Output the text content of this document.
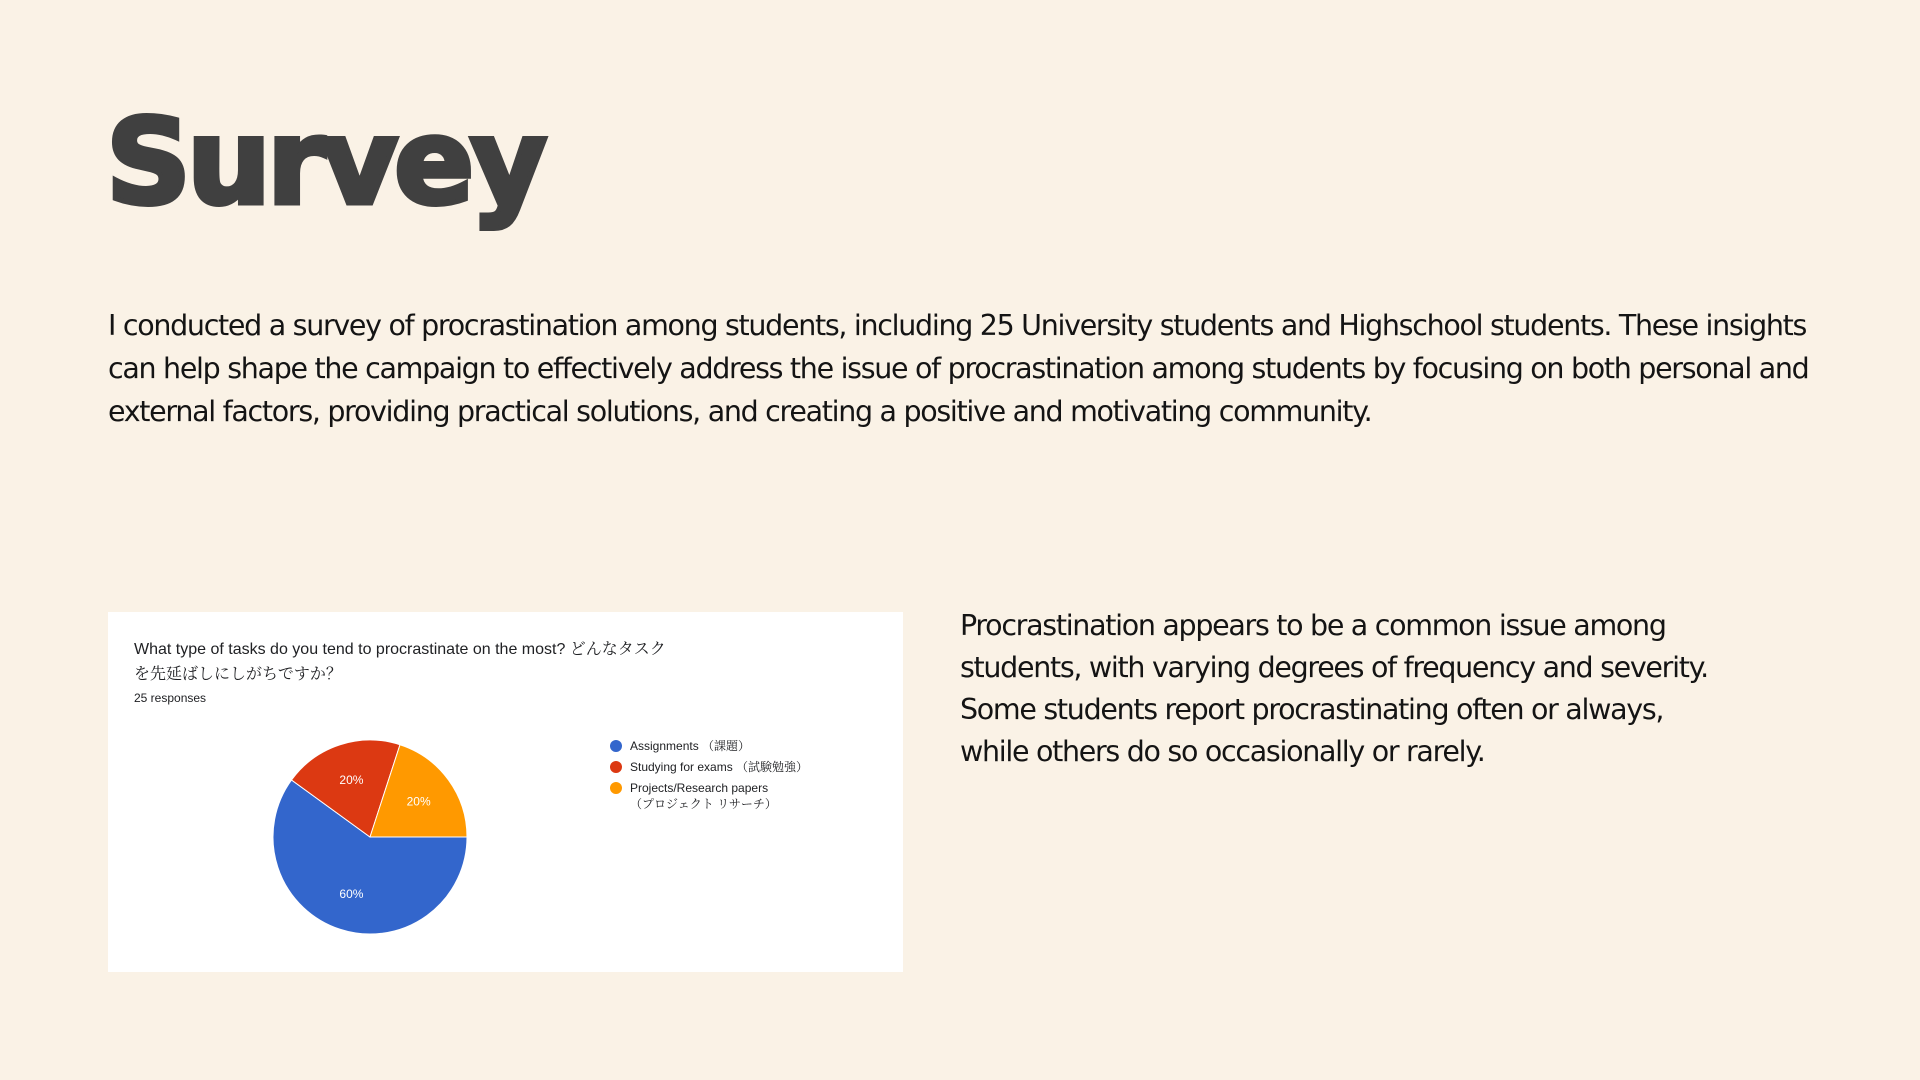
Survey

I conducted a survey of procrastination among students, including 25 University students and Highschool students. These insights can help shape the campaign to effectively address the issue of procrastination among students by focusing on both personal and external factors, providing practical solutions, and creating a positive and motivating community.

What type of tasks do you tend to procrastinate on the most? どんなタスクを先延ばしにしがちですか？

25 responses

60%
20%
20%
Assignments （課題）
Studying for exams （試験勉強）
Projects/Research papers
（プロジェクト リサーチ）

Procrastination appears to be a common issue among students, with varying degrees of frequency and severity. Some students report procrastinating often or always, while others do so occasionally or rarely.
